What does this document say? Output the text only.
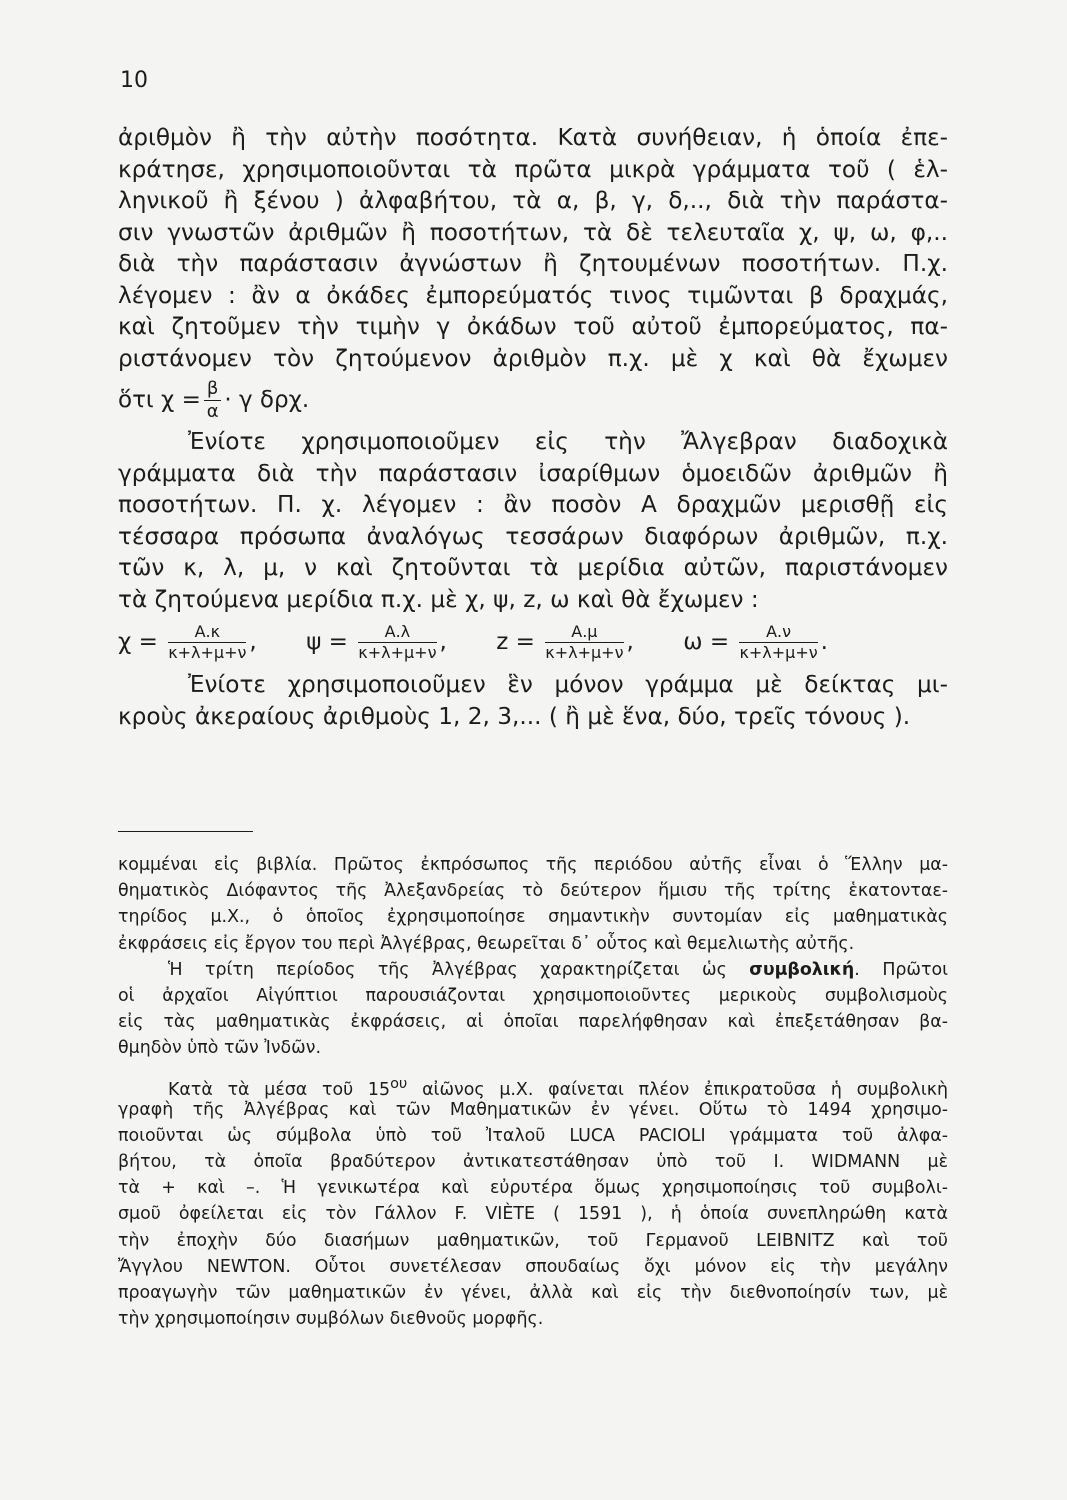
10
ἀριθμὸν ἢ τὴν αὐτὴν ποσότητα. Κατὰ συνήθειαν, ἡ ὁποία ἐπε-
κράτησε, χρησιμοποιοῦνται τὰ πρῶτα μικρὰ γράμματα τοῦ ( ἑλ-
ληνικοῦ ἢ ξένου ) ἀλφαβήτου, τὰ α, β, γ, δ,.., διὰ τὴν παράστα-
σιν γνωστῶν ἀριθμῶν ἢ ποσοτήτων, τὰ δὲ τελευταῖα χ, ψ, ω, φ,..
διὰ τὴν παράστασιν ἀγνώστων ἢ ζητουμένων ποσοτήτων. Π.χ.
λέγομεν : ἂν α ὀκάδες ἐμπορεύματός τινος τιμῶνται β δραχμάς,
καὶ ζητοῦμεν τὴν τιμὴν γ ὀκάδων τοῦ αὐτοῦ ἐμπορεύματος, πα-
ριστάνομεν τὸν ζητούμενον ἀριθμὸν π.χ. μὲ χ καὶ θὰ ἔχωμεν
ὅτι $\chi = \frac{\beta}{\alpha} \cdot \gamma$ δρχ.
Ἐνίοτε χρησιμοποιοῦμεν εἰς τὴν Ἄλγεβραν διαδοχικὰ
γράμματα διὰ τὴν παράστασιν ἰσαρίθμων ὁμοειδῶν ἀριθμῶν ἢ
ποσοτήτων. Π. χ. λέγομεν : ἂν ποσὸν Α δραχμῶν μερισθῇ εἰς
τέσσαρα πρόσωπα ἀναλόγως τεσσάρων διαφόρων ἀριθμῶν, π.χ.
τῶν κ, λ, μ, ν καὶ ζητοῦνται τὰ μερίδια αὐτῶν, παριστάνομεν
τὰ ζητούμενα μερίδια π.χ. μὲ χ, ψ, z, ω καὶ θὰ ἔχωμεν :
$\chi = \frac{A.\kappa}{\kappa+\lambda+\mu+\nu}$ , $\psi = \frac{A.\lambda}{\kappa+\lambda+\mu+\nu}$ , $z = \frac{A.\mu}{\kappa+\lambda+\mu+\nu}$ , $\omega = \frac{A.\nu}{\kappa+\lambda+\mu+\nu}$ .
Ἐνίοτε χρησιμοποιοῦμεν ἓν μόνον γράμμα μὲ δείκτας μι-
κροὺς ἀκεραίους ἀριθμοὺς 1, 2, 3,... ( ἢ μὲ ἕνα, δύο, τρεῖς τόνους ).
κομμέναι εἰς βιβλία. Πρῶτος ἐκπρόσωπος τῆς περιόδου αὐτῆς εἶναι ὁ Ἕλλην μα-
θηματικὸς Διόφαντος τῆς Ἀλεξανδρείας τὸ δεύτερον ἥμισυ τῆς τρίτης ἑκατονταε-
τηρίδος μ.Χ., ὁ ὁποῖος ἐχρησιμοποίησε σημαντικὴν συντομίαν εἰς μαθηματικὰς
ἐκφράσεις εἰς ἔργον του περὶ Ἀλγέβρας, θεωρεῖται δ᾽ οὗτος καὶ θεμελιωτὴς αὐτῆς.
Ἡ τρίτη περίοδος τῆς Ἀλγέβρας χαρακτηρίζεται ὡς συμβολική. Πρῶτοι
οἱ ἀρχαῖοι Αἰγύπτιοι παρουσιάζονται χρησιμοποιοῦντες μερικοὺς συμβολισμοὺς
εἰς τὰς μαθηματικὰς ἐκφράσεις, αἱ ὁποῖαι παρελήφθησαν καὶ ἐπεξετάθησαν βα-
θμηδὸν ὑπὸ τῶν Ἰνδῶν.
Κατὰ τὰ μέσα τοῦ $15^{o\upsilon}$ αἰῶνος μ.Χ. φαίνεται πλέον ἐπικρατοῦσα ἡ συμβολικὴ
γραφὴ τῆς Ἀλγέβρας καὶ τῶν Μαθηματικῶν ἐν γένει. Οὕτω τὸ 1494 χρησιμο-
ποιοῦνται ὡς σύμβολα ὑπὸ τοῦ Ἰταλοῦ LUCA PACIOLI γράμματα τοῦ ἀλφα-
βήτου, τὰ ὁποῖα βραδύτερον ἀντικατεστάθησαν ὑπὸ τοῦ I. WIDMANN μὲ
τὰ + καὶ –. Ἡ γενικωτέρα καὶ εὐρυτέρα ὅμως χρησιμοποίησις τοῦ συμβολι-
σμοῦ ὀφείλεται εἰς τὸν Γάλλον F. VIÈTE ( 1591 ), ἡ ὁποία συνεπληρώθη κατὰ
τὴν ἐποχὴν δύο διασήμων μαθηματικῶν, τοῦ Γερμανοῦ LEIBNITZ καὶ τοῦ
Ἄγγλου NEWTON. Οὗτοι συνετέλεσαν σπουδαίως ὄχι μόνον εἰς τὴν μεγάλην
προαγωγὴν τῶν μαθηματικῶν ἐν γένει, ἀλλὰ καὶ εἰς τὴν διεθνοποίησίν των, μὲ
τὴν χρησιμοποίησιν συμβόλων διεθνοῦς μορφῆς.
